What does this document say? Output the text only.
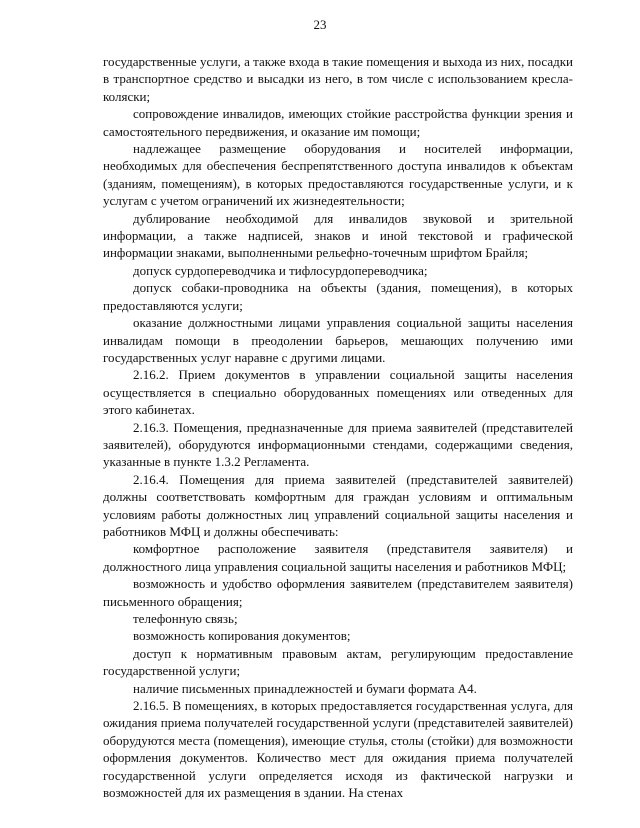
23

государственные услуги, а также входа в такие помещения и выхода из них, посадки в транспортное средство и высадки из него, в том числе с использованием кресла-коляски;

сопровождение инвалидов, имеющих стойкие расстройства функции зрения и самостоятельного передвижения, и оказание им помощи;

надлежащее размещение оборудования и носителей информации, необходимых для обеспечения беспрепятственного доступа инвалидов к объектам (зданиям, помещениям), в которых предоставляются государственные услуги, и к услугам с учетом ограничений их жизнедеятельности;

дублирование необходимой для инвалидов звуковой и зрительной информации, а также надписей, знаков и иной текстовой и графической информации знаками, выполненными рельефно-точечным шрифтом Брайля;

допуск сурдопереводчика и тифлосурдопереводчика;

допуск собаки-проводника на объекты (здания, помещения), в которых предоставляются услуги;

оказание должностными лицами управления социальной защиты населения инвалидам помощи в преодолении барьеров, мешающих получению ими государственных услуг наравне с другими лицами.

2.16.2. Прием документов в управлении социальной защиты населения осуществляется в специально оборудованных помещениях или отведенных для этого кабинетах.

2.16.3. Помещения, предназначенные для приема заявителей (представителей заявителей), оборудуются информационными стендами, содержащими сведения, указанные в пункте 1.3.2 Регламента.

2.16.4. Помещения для приема заявителей (представителей заявителей) должны соответствовать комфортным для граждан условиям и оптимальным условиям работы должностных лиц управлений социальной защиты населения и работников МФЦ и должны обеспечивать:

комфортное расположение заявителя (представителя заявителя) и должностного лица управления социальной защиты населения и работников МФЦ;

возможность и удобство оформления заявителем (представителем заявителя) письменного обращения;

телефонную связь;

возможность копирования документов;

доступ к нормативным правовым актам, регулирующим предоставление государственной услуги;

наличие письменных принадлежностей и бумаги формата А4.

2.16.5. В помещениях, в которых предоставляется государственная услуга, для ожидания приема получателей государственной услуги (представителей заявителей) оборудуются места (помещения), имеющие стулья, столы (стойки) для возможности оформления документов. Количество мест для ожидания приема получателей государственной услуги определяется исходя из фактической нагрузки и возможностей для их размещения в здании. На стенах
